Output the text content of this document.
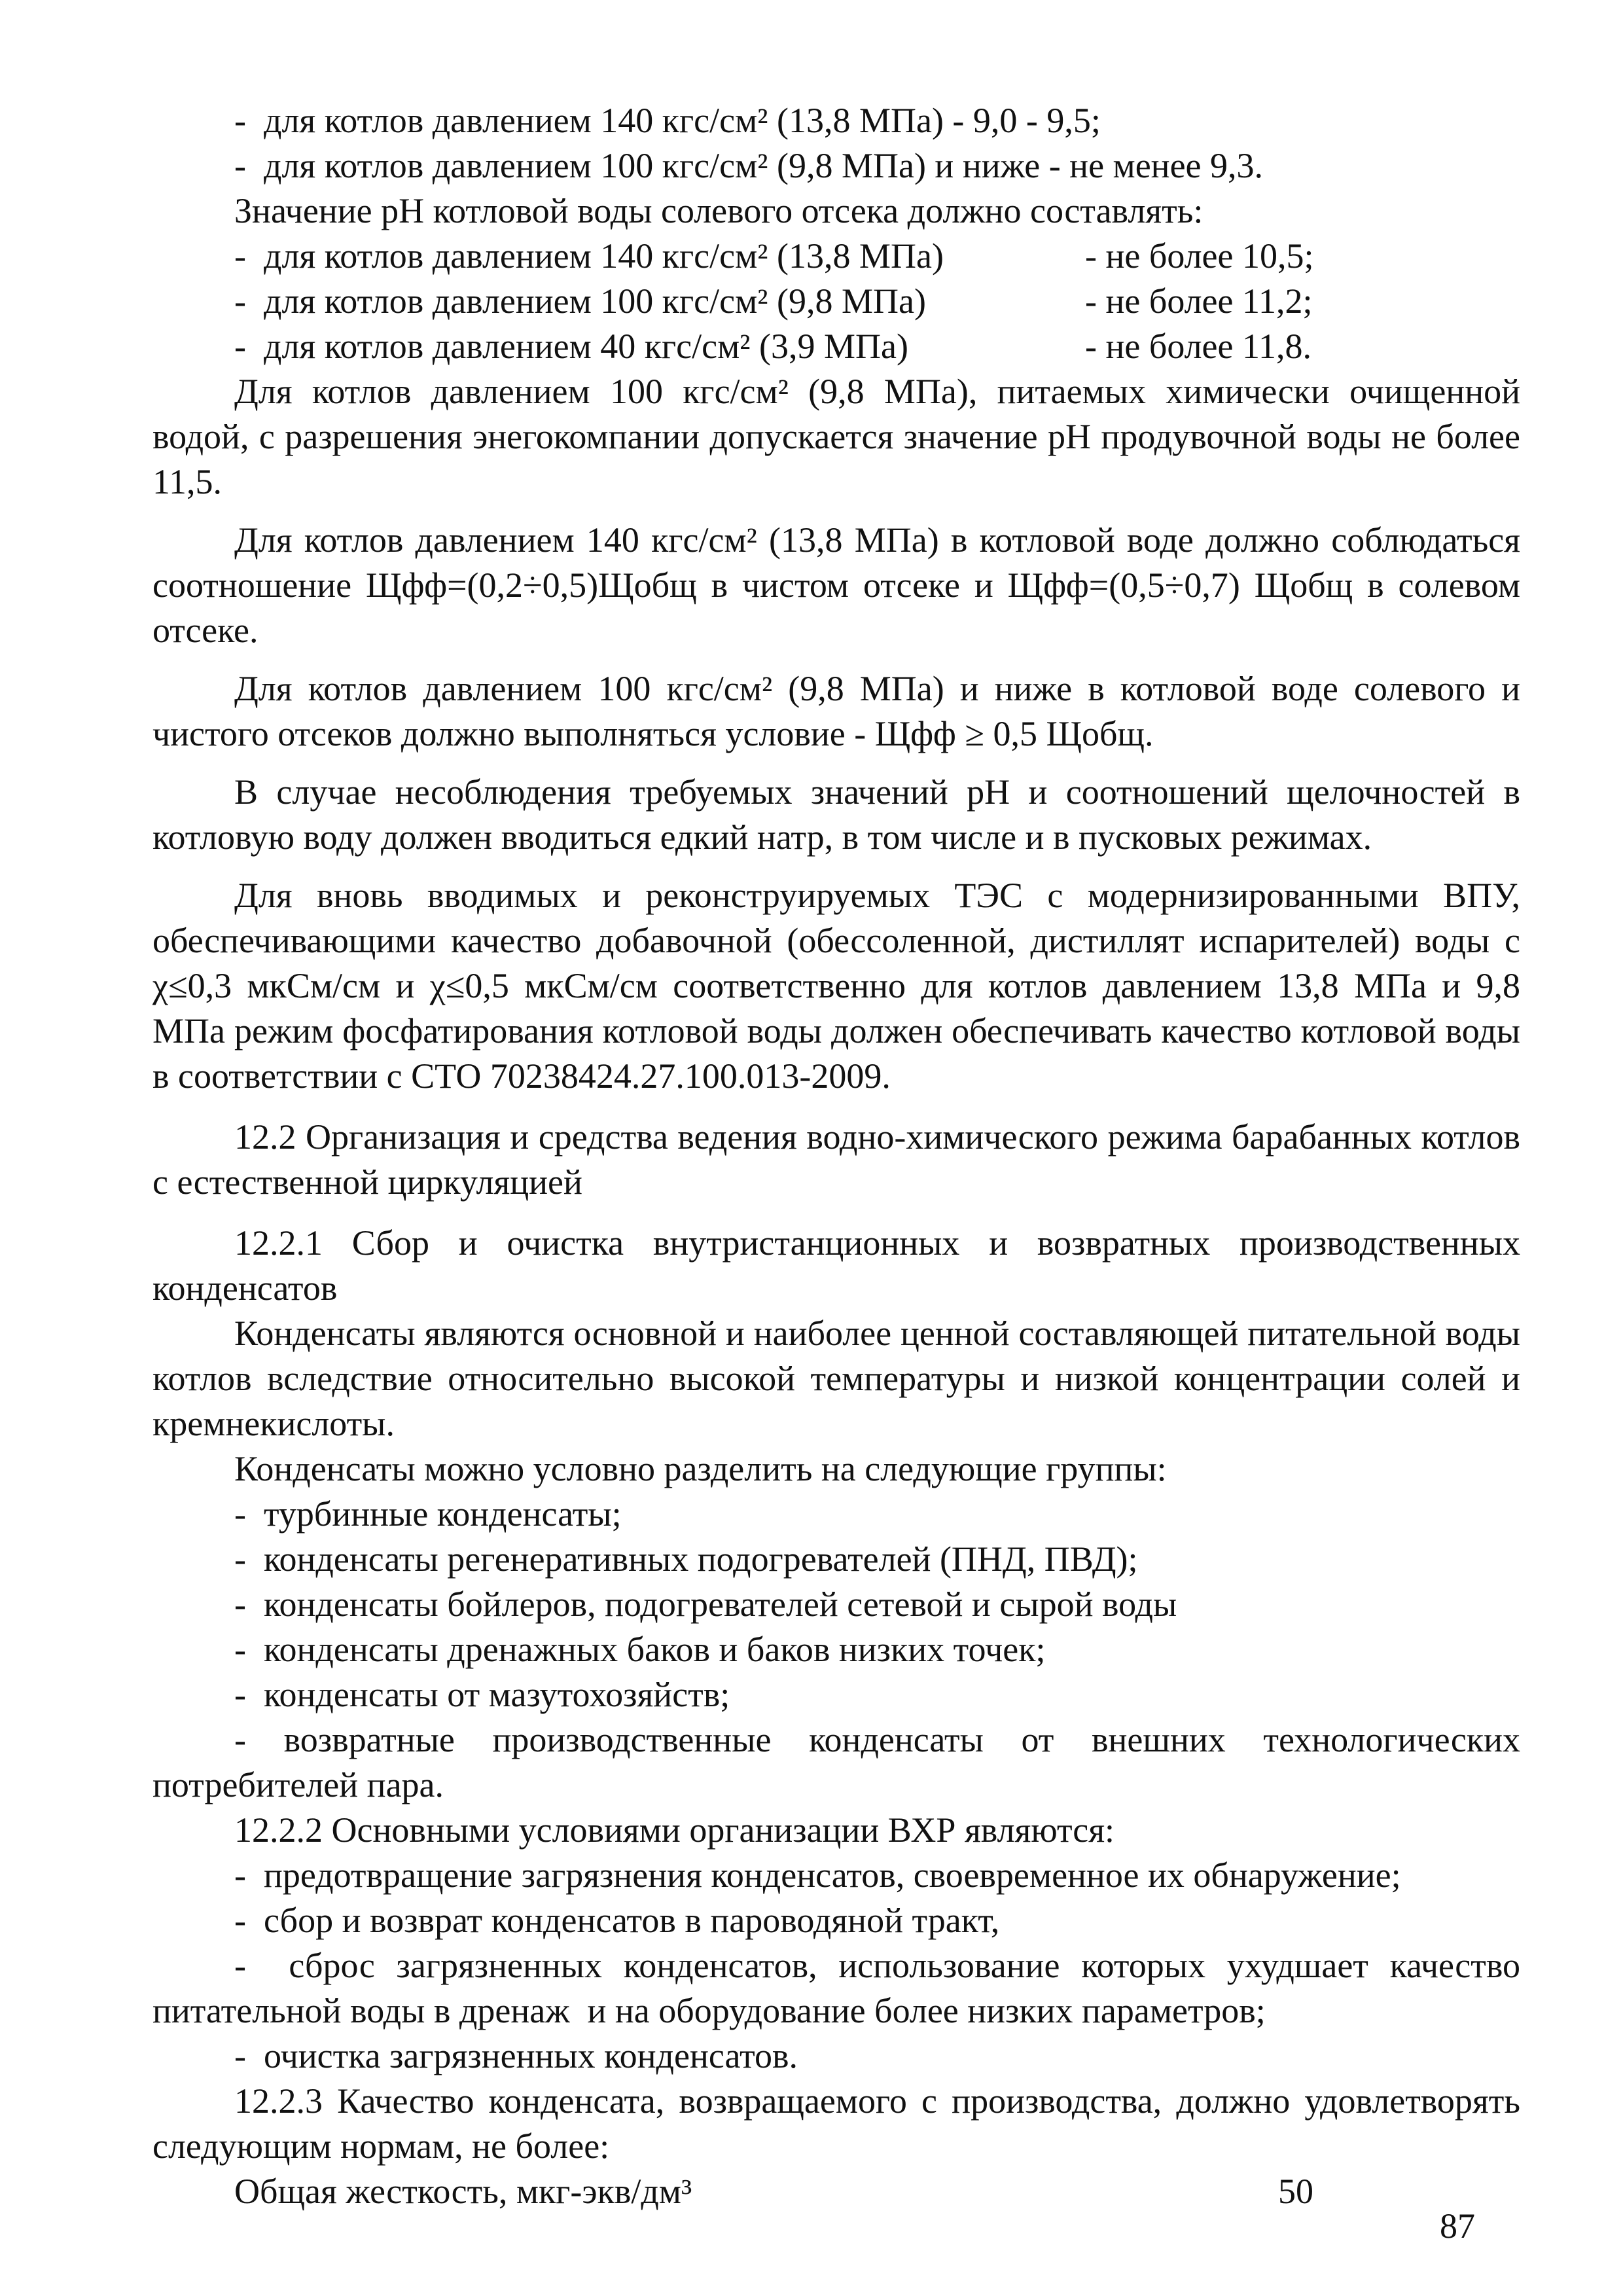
-  для котлов давлением 140 кгс/см² (13,8 МПа) - 9,0 - 9,5;

-  для котлов давлением 100 кгс/см² (9,8 МПа) и ниже - не менее 9,3.

Значение рН котловой воды солевого отсека должно составлять:

-  для котлов давлением 140 кгс/см² (13,8 МПа)	- не более 10,5;
-  для котлов давлением 100 кгс/см² (9,8 МПа)	- не более 11,2;
-  для котлов давлением 40 кгс/см² (3,9 МПа)	- не более 11,8.

Для котлов давлением 100 кгс/см² (9,8 МПа), питаемых химически очищенной водой, с разрешения энегокомпании допускается значение рН продувочной воды не более 11,5.

Для котлов давлением 140 кгс/см² (13,8 МПа) в котловой воде должно соблюдаться соотношение Щфф=(0,2÷0,5)Щобщ в чистом отсеке и Щфф=(0,5÷0,7) Щобщ в солевом отсеке.

Для котлов давлением 100 кгс/см² (9,8 МПа) и ниже в котловой воде солевого и чистого отсеков должно выполняться условие - Щфф ≥ 0,5 Щобщ.

В случае несоблюдения требуемых значений рН и соотношений щелочностей в котловую воду должен вводиться едкий натр, в том числе и в пусковых режимах.

Для вновь вводимых и реконструируемых ТЭС с модернизированными ВПУ, обеспечивающими качество добавочной (обессоленной, дистиллят испарителей) воды с χ≤0,3 мкСм/см и χ≤0,5 мкСм/см соответственно для котлов давлением 13,8 МПа и 9,8 МПа режим фосфатирования котловой воды должен обеспечивать качество котловой воды в соответствии с СТО 70238424.27.100.013-2009.

12.2 Организация и средства ведения водно-химического режима барабанных котлов с естественной циркуляцией

12.2.1 Сбор и очистка внутристанционных и возвратных производственных конденсатов

Конденсаты являются основной и наиболее ценной составляющей питательной воды котлов вследствие относительно высокой температуры и низкой концентрации солей и кремнекислоты.

Конденсаты можно условно разделить на следующие группы:

-  турбинные конденсаты;

-  конденсаты регенеративных подогревателей (ПНД, ПВД);

-  конденсаты бойлеров, подогревателей сетевой и сырой воды

-  конденсаты дренажных баков и баков низких точек;

-  конденсаты от мазутохозяйств;

- возвратные производственные конденсаты от внешних технологических потребителей пара.

12.2.2 Основными условиями организации ВХР являются:

-  предотвращение загрязнения конденсатов, своевременное их обнаружение;

-  сбор и возврат конденсатов в пароводяной тракт,

-  сброс загрязненных конденсатов, использование которых ухудшает качество питательной воды в дренаж  и на оборудование более низких параметров;

-  очистка загрязненных конденсатов.

12.2.3 Качество конденсата, возвращаемого с производства, должно удовлетворять следующим нормам, не более:

Общая жесткость, мкг-экв/дм³	50
87
